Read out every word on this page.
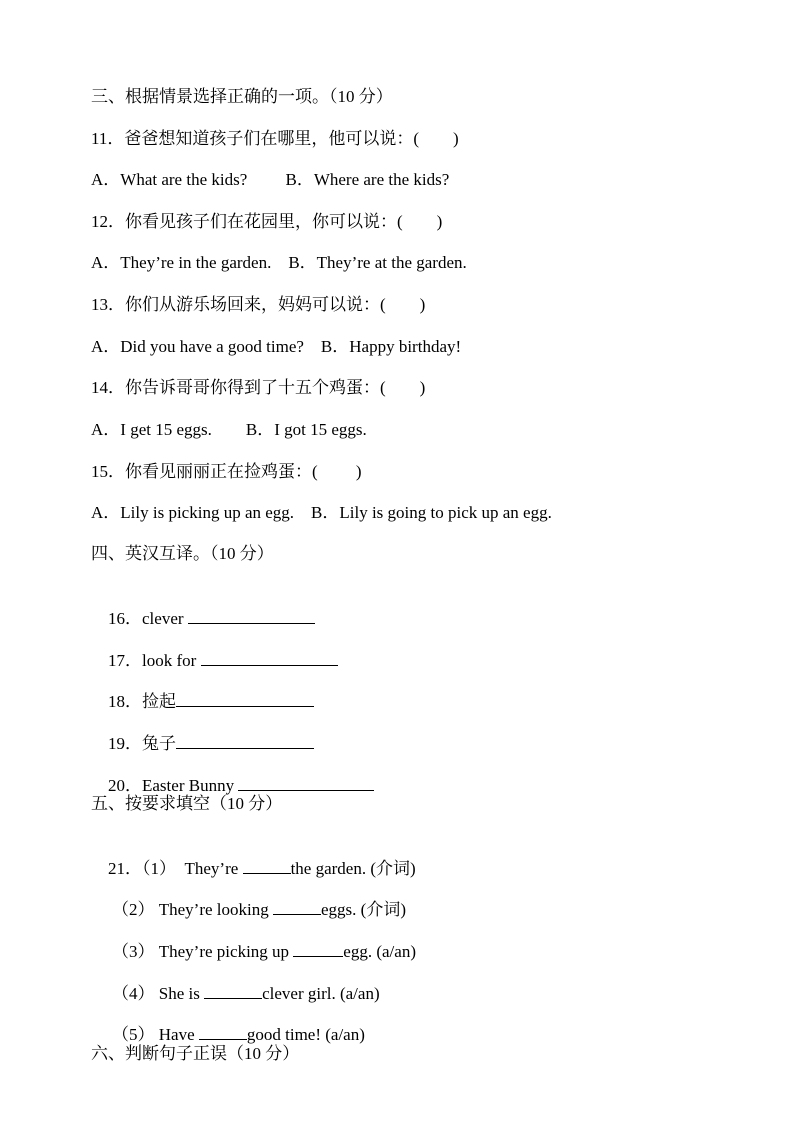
三、根据情景选择正确的一项。（10 分）
11．爸爸想知道孩子们在哪里，他可以说：(　　)
A．What are the kids?　　 B．Where are the kids?
12．你看见孩子们在花园里，你可以说：(　　)
A．They’re in the garden.　B．They’re at the garden.
13．你们从游乐场回来，妈妈可以说：(　　)
A．Did you have a good time?　B．Happy birthday!
14．你告诉哥哥你得到了十五个鸡蛋：(　　)
A．I get 15 eggs.　　B．I got 15 eggs.
15．你看见丽丽正在捡鸡蛋：(　　 )
A．Lily is picking up an egg.　B．Lily is going to pick up an egg.
四、英汉互译。（10 分）

16．clever

17．look for

18．捡起

19．兔子

20．Easter Bunny

五、按要求填空（10 分）

21．（1） They’re	the garden. (介词)

（2） They’re looking	eggs. (介词)

（3） They’re picking up	egg. (a/an)

（4） She is	clever girl. (a/an)

（5） Have	good time! (a/an)

六、判断句子正误（10 分）
